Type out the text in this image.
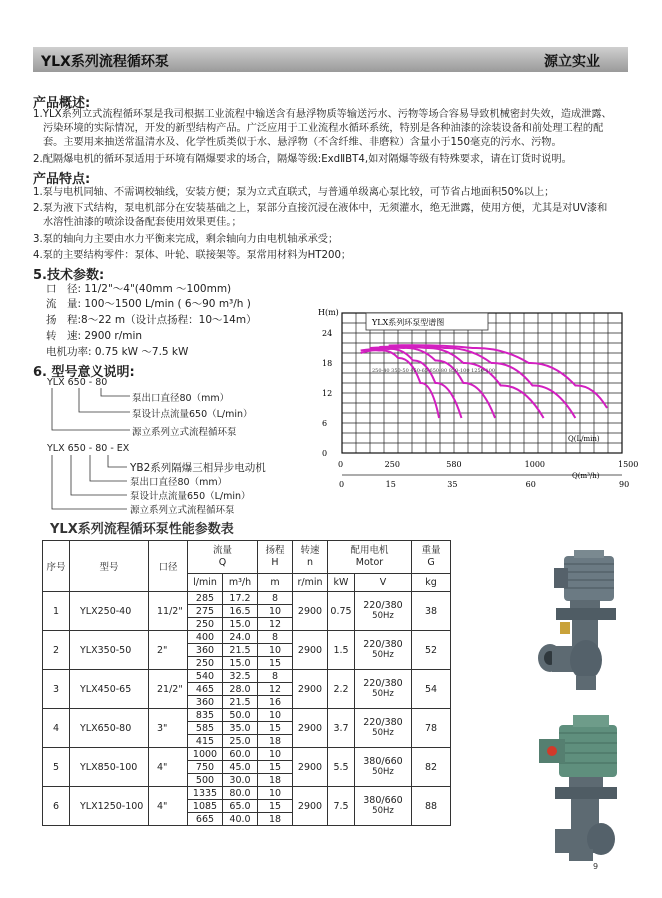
YLX系列流程循环泵	源立实业
产品概述:
1.YLX系列立式流程循环泵是我司根据工业流程中输送含有悬浮物质等输送污水、污物等场合容易导致机械密封失效，造成泄露、
污染环境的实际情况，开发的新型结构产品。广泛应用于工业流程水循环系统，特别是各种油漆的涂装设备和前处理工程的配
套。主要用来抽送常温清水及、化学性质类似于水、悬浮物（不含纤维、非磨粒）含量小于150毫克的污水、污物。
2.配隔爆电机的循环泵适用于环境有隔爆要求的场合，隔爆等级:ExdⅡBT4,如对隔爆等级有特殊要求，请在订货时说明。
产品特点:
1.泵与电机同轴、不需调校轴线，安装方便；泵为立式直联式，与普通单级离心泵比较，可节省占地面积50%以上；
2.泵为液下式结构，泵电机部分在安装基础之上，泵部分直接沉浸在液体中，无须灌水，绝无泄露，使用方便，尤其是对UV漆和
水溶性油漆的喷涂设备配套使用效果更佳。；
3.泵的轴向力主要由水力平衡来完成，剩余轴向力由电机轴承承受；
4.泵的主要结构零件：泵体、叶轮、联接架等。泵常用材料为HT200；
5.技术参数:
口　径: 11/2"～4"(40mm ～100mm)
流　量: 100～1500 L/min ( 6～90 m³/h )
扬　程:8～22 m（设计点扬程：10～14m）
转　速: 2900 r/min
电机功率: 0.75 kW ～7.5 kW
6. 型号意义说明:
YLX 650 - 80
泵出口直径80（mm）
泵设计点流量650（L/min）
源立系列立式流程循环泵
YLX 650 - 80 - EX
YB2系列隔爆三相异步电动机
泵出口直径80（mm）
泵设计点流量650（L/min）
源立系列立式流程循环泵
H(m)
0
6
12
18
24
0	250	580	1000	1500
0	15	35	60	90
YLX系列环泵型谱图
250-40 350-50 450-65 650-80 850-100 1250-100
Q(L/min)
Q(m³/h)
YLX系列流程循环泵性能参数表
序号	型号	口径	流量
Q		扬程
H	转速
n	配用电机
Motor		重量
G
			l/min	m³/h	m	r/min	kW	V	kg
1	YLX250-40	11/2"	285	17.2	8	2900	0.75	220/380
50Hz	38
			275	16.5	10				
			250	15.0	12				
2	YLX350-50	2"	400	24.0	8	2900	1.5	220/380
50Hz	52
			360	21.5	10				
			250	15.0	15				
3	YLX450-65	21/2"	540	32.5	8	2900	2.2	220/380
50Hz	54
			465	28.0	12				
			360	21.5	16				
4	YLX650-80	3"	835	50.0	10	2900	3.7	220/380
50Hz	78
			585	35.0	15				
			415	25.0	18				
5	YLX850-100	4"	1000	60.0	10	2900	5.5	380/660
50Hz	82
			750	45.0	15				
			500	30.0	18				
6	YLX1250-100	4"	1335	80.0	10	2900	7.5	380/660
50Hz	88
			1085	65.0	15				
			665	40.0	18				
9
